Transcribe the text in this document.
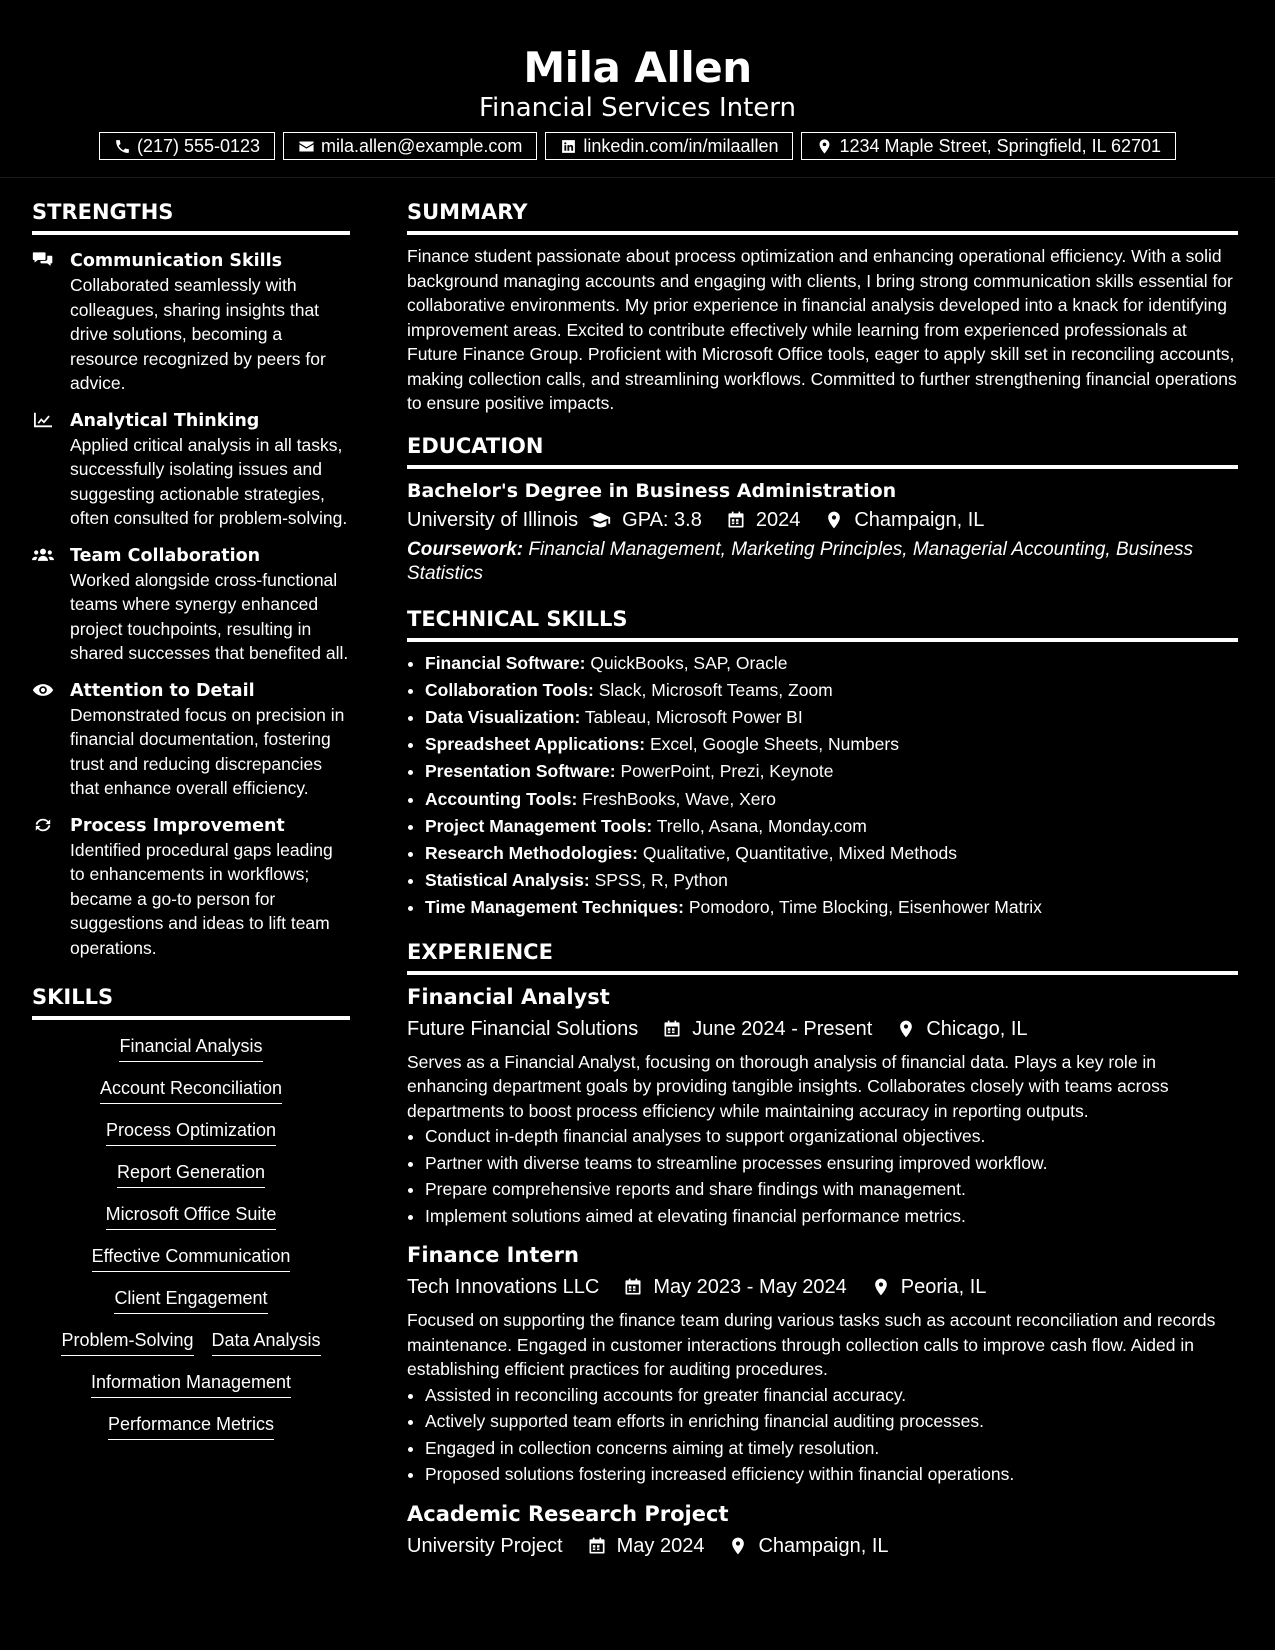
Mila Allen
Financial Services Intern
(217) 555-0123	mila.allen@example.com	linkedin.com/in/milaallen	1234 Maple Street, Springfield, IL 62701
STRENGTHS
Communication Skills
Collaborated seamlessly with colleagues, sharing insights that drive solutions, becoming a resource recognized by peers for advice.
Analytical Thinking
Applied critical analysis in all tasks, successfully isolating issues and suggesting actionable strategies, often consulted for problem-solving.
Team Collaboration
Worked alongside cross-functional teams where synergy enhanced project touchpoints, resulting in shared successes that benefited all.
Attention to Detail
Demonstrated focus on precision in financial documentation, fostering trust and reducing discrepancies that enhance overall efficiency.
Process Improvement
Identified procedural gaps leading to enhancements in workflows; became a go-to person for suggestions and ideas to lift team operations.
SKILLS
Financial Analysis
Account Reconciliation
Process Optimization
Report Generation
Microsoft Office Suite
Effective Communication
Client Engagement
Problem-Solving Data Analysis
Information Management
Performance Metrics
SUMMARY
Finance student passionate about process optimization and enhancing operational efficiency. With a solid background managing accounts and engaging with clients, I bring strong communication skills essential for collaborative environments. My prior experience in financial analysis developed into a knack for identifying improvement areas. Excited to contribute effectively while learning from experienced professionals at Future Finance Group. Proficient with Microsoft Office tools, eager to apply skill set in reconciling accounts, making collection calls, and streamlining workflows. Committed to further strengthening financial operations to ensure positive impacts.
EDUCATION
Bachelor's Degree in Business Administration
University of Illinois GPA: 3.8	2024	Champaign, IL
Coursework: Financial Management, Marketing Principles, Managerial Accounting, Business Statistics
TECHNICAL SKILLS
• Financial Software: QuickBooks, SAP, Oracle
• Collaboration Tools: Slack, Microsoft Teams, Zoom
• Data Visualization: Tableau, Microsoft Power BI
• Spreadsheet Applications: Excel, Google Sheets, Numbers
• Presentation Software: PowerPoint, Prezi, Keynote
• Accounting Tools: FreshBooks, Wave, Xero
• Project Management Tools: Trello, Asana, Monday.com
• Research Methodologies: Qualitative, Quantitative, Mixed Methods
• Statistical Analysis: SPSS, R, Python
• Time Management Techniques: Pomodoro, Time Blocking, Eisenhower Matrix
EXPERIENCE
Financial Analyst
Future Financial Solutions	June 2024 - Present	Chicago, IL
Serves as a Financial Analyst, focusing on thorough analysis of financial data. Plays a key role in enhancing department goals by providing tangible insights. Collaborates closely with teams across departments to boost process efficiency while maintaining accuracy in reporting outputs.
• Conduct in-depth financial analyses to support organizational objectives.
• Partner with diverse teams to streamline processes ensuring improved workflow.
• Prepare comprehensive reports and share findings with management.
• Implement solutions aimed at elevating financial performance metrics.
Finance Intern
Tech Innovations LLC	May 2023 - May 2024	Peoria, IL
Focused on supporting the finance team during various tasks such as account reconciliation and records maintenance. Engaged in customer interactions through collection calls to improve cash flow. Aided in establishing efficient practices for auditing procedures.
• Assisted in reconciling accounts for greater financial accuracy.
• Actively supported team efforts in enriching financial auditing processes.
• Engaged in collection concerns aiming at timely resolution.
• Proposed solutions fostering increased efficiency within financial operations.
Academic Research Project
University Project	May 2024	Champaign, IL
